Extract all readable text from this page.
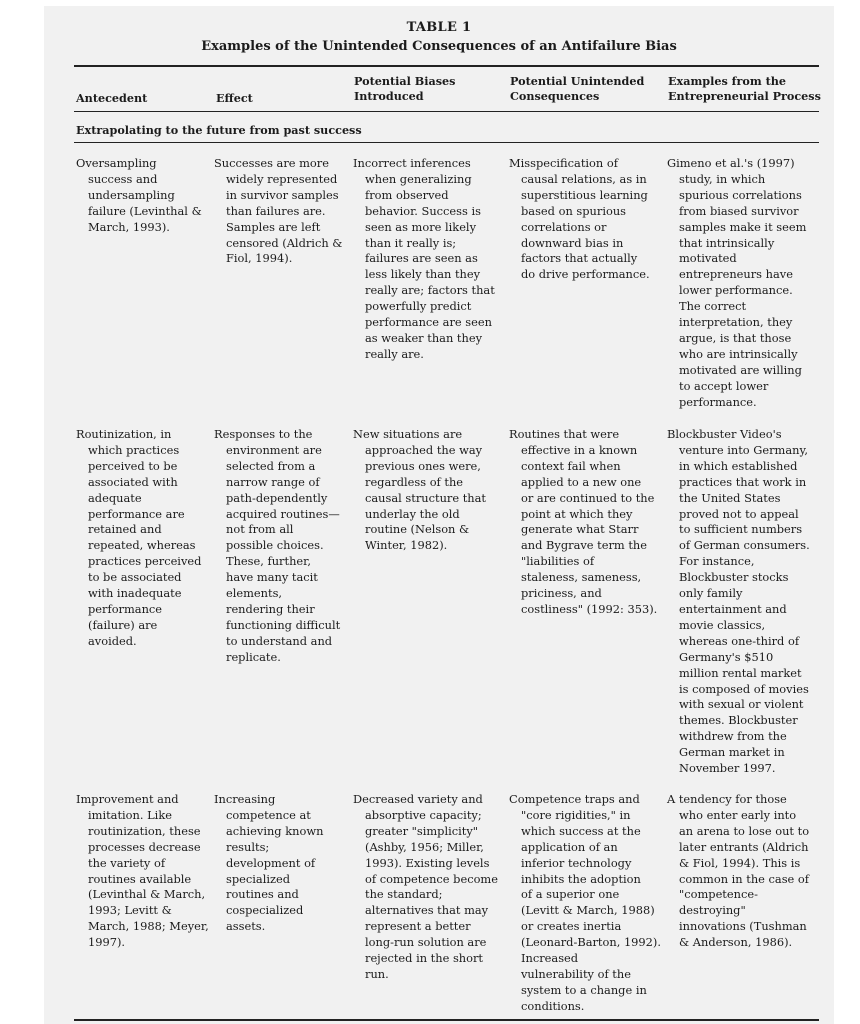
TABLE 1
Examples of the Unintended Consequences of an Antifailure Bias
Antecedent	Effect
Potential Biases
Introduced
Potential Unintended
Consequences
Examples from the
Entrepreneurial Process
Extrapolating to the future from past success
Oversampling
success and
undersampling
failure (Levinthal &
March, 1993).
Successes are more
widely represented
in survivor samples
than failures are.
Samples are left
censored (Aldrich &
Fiol, 1994).
Incorrect inferences
when generalizing
from observed
behavior. Success is
seen as more likely
than it really is;
failures are seen as
less likely than they
really are; factors that
powerfully predict
performance are seen
as weaker than they
really are.
Misspecification of
causal relations, as in
superstitious learning
based on spurious
correlations or
downward bias in
factors that actually
do drive performance.
Gimeno et al.'s (1997)
study, in which
spurious correlations
from biased survivor
samples make it seem
that intrinsically
motivated
entrepreneurs have
lower performance.
The correct
interpretation, they
argue, is that those
who are intrinsically
motivated are willing
to accept lower
performance.
Routinization, in
which practices
perceived to be
associated with
adequate
performance are
retained and
repeated, whereas
practices perceived
to be associated
with inadequate
performance
(failure) are
avoided.
Responses to the
environment are
selected from a
narrow range of
path-dependently
acquired routines—
not from all
possible choices.
These, further,
have many tacit
elements,
rendering their
functioning difficult
to understand and
replicate.
New situations are
approached the way
previous ones were,
regardless of the
causal structure that
underlay the old
routine (Nelson &
Winter, 1982).
Routines that were
effective in a known
context fail when
applied to a new one
or are continued to the
point at which they
generate what Starr
and Bygrave term the
"liabilities of
staleness, sameness,
priciness, and
costliness" (1992: 353).
Blockbuster Video's
venture into Germany,
in which established
practices that work in
the United States
proved not to appeal
to sufficient numbers
of German consumers.
For instance,
Blockbuster stocks
only family
entertainment and
movie classics,
whereas one-third of
Germany's $510
million rental market
is composed of movies
with sexual or violent
themes. Blockbuster
withdrew from the
German market in
November 1997.
Improvement and
imitation. Like
routinization, these
processes decrease
the variety of
routines available
(Levinthal & March,
1993; Levitt &
March, 1988; Meyer,
1997).
Increasing
competence at
achieving known
results;
development of
specialized
routines and
cospecialized
assets.
Decreased variety and
absorptive capacity;
greater "simplicity"
(Ashby, 1956; Miller,
1993). Existing levels
of competence become
the standard;
alternatives that may
represent a better
long-run solution are
rejected in the short
run.
Competence traps and
"core rigidities," in
which success at the
application of an
inferior technology
inhibits the adoption
of a superior one
(Levitt & March, 1988)
or creates inertia
(Leonard-Barton, 1992).
Increased
vulnerability of the
system to a change in
conditions.
A tendency for those
who enter early into
an arena to lose out to
later entrants (Aldrich
& Fiol, 1994). This is
common in the case of
"competence-
destroying"
innovations (Tushman
& Anderson, 1986).
